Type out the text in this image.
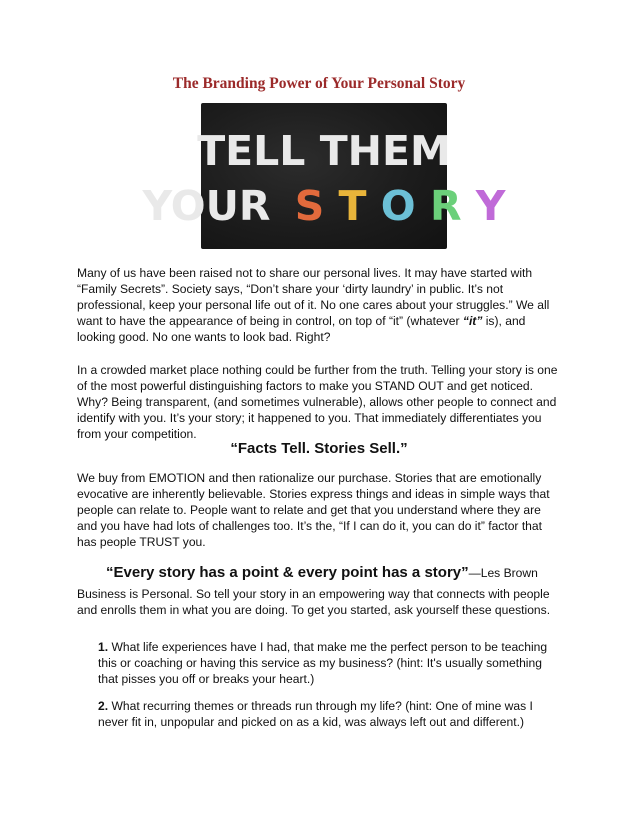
The Branding Power of Your Personal Story
TELL THEM
YOUR S T O R Y

Many of us have been raised not to share our personal lives. It may have started with “Family Secrets”. Society says, “Don’t share your ‘dirty laundry’ in public. It’s not professional, keep your personal life out of it. No one cares about your struggles.” We all want to have the appearance of being in control, on top of “it” (whatever “it” is), and looking good. No one wants to look bad. Right?

In a crowded market place nothing could be further from the truth. Telling your story is one of the most powerful distinguishing factors to make you STAND OUT and get noticed. Why? Being transparent, (and sometimes vulnerable), allows other people to connect and identify with you. It’s your story; it happened to you. That immediately differentiates you from your competition.

“Facts Tell. Stories Sell.”

We buy from EMOTION and then rationalize our purchase. Stories that are emotionally evocative are inherently believable. Stories express things and ideas in simple ways that people can relate to. People want to relate and get that you understand where they are and you have had lots of challenges too. It’s the, “If I can do it, you can do it” factor that has people TRUST you.

“Every story has a point & every point has a story”—Les Brown

Business is Personal. So tell your story in an empowering way that connects with people and enrolls them in what you are doing. To get you started, ask yourself these questions.

1. What life experiences have I had, that make me the perfect person to be teaching this or coaching or having this service as my business? (hint: It's usually something that pisses you off or breaks your heart.)

2. What recurring themes or threads run through my life? (hint: One of mine was I never fit in, unpopular and picked on as a kid, was always left out and different.)
